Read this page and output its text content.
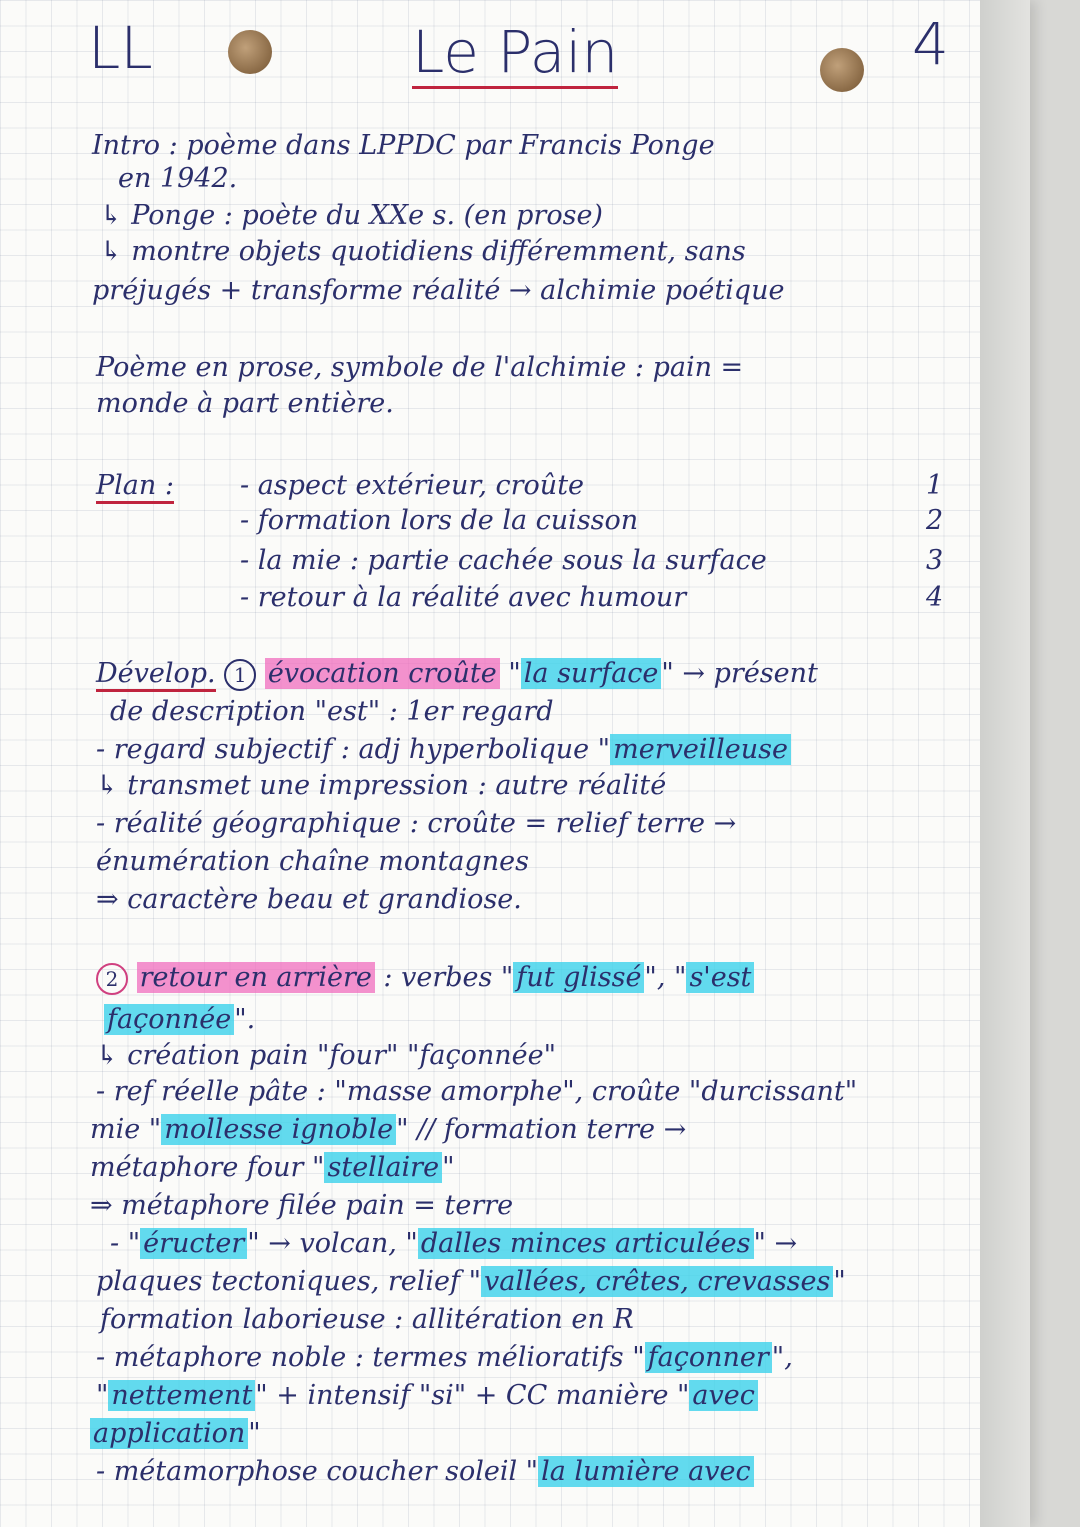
LL	Le Pain	4
Intro : poème dans LPPDC par Francis Ponge
en 1942.
↳ Ponge : poète du XXe s. (en prose)
↳ montre objets quotidiens différemment, sans
préjugés + transforme réalité → alchimie poétique
Poème en prose, symbole de l'alchimie : pain =
monde à part entière.
Plan : - aspect extérieur, croûte	1
- formation lors de la cuisson	2
- la mie : partie cachée sous la surface	3
- retour à la réalité avec humour	4
Dévelop. 1 évocation croûte " la surface " → présent
de description "est" : 1er regard
- regard subjectif : adj hyperbolique " merveilleuse
↳ transmet une impression : autre réalité
- réalité géographique : croûte = relief terre →
énumération chaîne montagnes
⇒ caractère beau et grandiose.
2 retour en arrière : verbes " fut glissé ", " s'est
façonnée ".
↳ création pain "four" "façonnée"
- ref réelle pâte : "masse amorphe", croûte "durcissant"
mie " mollesse ignoble " // formation terre →
métaphore four " stellaire "
⇒ métaphore filée pain = terre
- " éructer " → volcan, " dalles minces articulées " →
plaques tectoniques, relief " vallées, crêtes, crevasses "
formation laborieuse : allitération en R
- métaphore noble : termes mélioratifs " façonner ",
" nettement " + intensif "si" + CC manière " avec
application "
- métamorphose coucher soleil " la lumière avec
